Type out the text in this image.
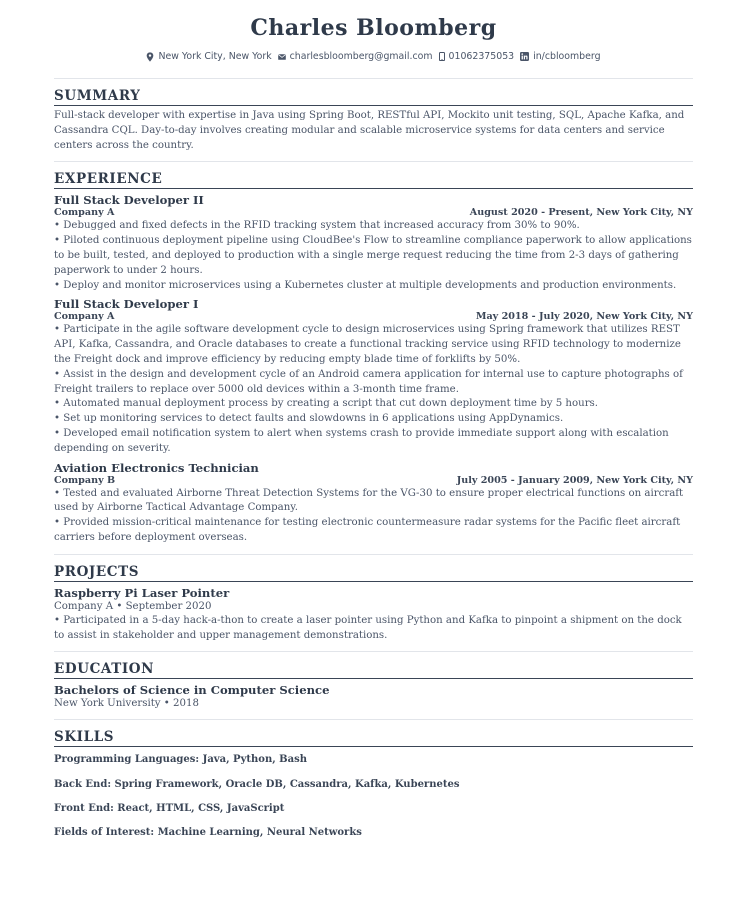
Charles Bloomberg
New York City, New York charlesbloomberg@gmail.com 01062375053 in/cbloomberg
SUMMARY
Full-stack developer with expertise in Java using Spring Boot, RESTful API, Mockito unit testing, SQL, Apache Kafka, and Cassandra CQL. Day-to-day involves creating modular and scalable microservice systems for data centers and service centers across the country.
EXPERIENCE
Full Stack Developer II
Company A	August 2020 - Present, New York City, NY
• Debugged and fixed defects in the RFID tracking system that increased accuracy from 30% to 90%.
• Piloted continuous deployment pipeline using CloudBee's Flow to streamline compliance paperwork to allow applications to be built, tested, and deployed to production with a single merge request reducing the time from 2-3 days of gathering paperwork to under 2 hours.
• Deploy and monitor microservices using a Kubernetes cluster at multiple developments and production environments.
Full Stack Developer I
Company A	May 2018 - July 2020, New York City, NY
• Participate in the agile software development cycle to design microservices using Spring framework that utilizes REST API, Kafka, Cassandra, and Oracle databases to create a functional tracking service using RFID technology to modernize the Freight dock and improve efficiency by reducing empty blade time of forklifts by 50%.
• Assist in the design and development cycle of an Android camera application for internal use to capture photographs of Freight trailers to replace over 5000 old devices within a 3-month time frame.
• Automated manual deployment process by creating a script that cut down deployment time by 5 hours.
• Set up monitoring services to detect faults and slowdowns in 6 applications using AppDynamics.
• Developed email notification system to alert when systems crash to provide immediate support along with escalation depending on severity.
Aviation Electronics Technician
Company B	July 2005 - January 2009, New York City, NY
• Tested and evaluated Airborne Threat Detection Systems for the VG-30 to ensure proper electrical functions on aircraft used by Airborne Tactical Advantage Company.
• Provided mission-critical maintenance for testing electronic countermeasure radar systems for the Pacific fleet aircraft carriers before deployment overseas.
PROJECTS
Raspberry Pi Laser Pointer
Company A • September 2020
• Participated in a 5-day hack-a-thon to create a laser pointer using Python and Kafka to pinpoint a shipment on the dock to assist in stakeholder and upper management demonstrations.
EDUCATION
Bachelors of Science in Computer Science
New York University • 2018
SKILLS
Programming Languages: Java, Python, Bash
Back End: Spring Framework, Oracle DB, Cassandra, Kafka, Kubernetes
Front End: React, HTML, CSS, JavaScript
Fields of Interest: Machine Learning, Neural Networks
